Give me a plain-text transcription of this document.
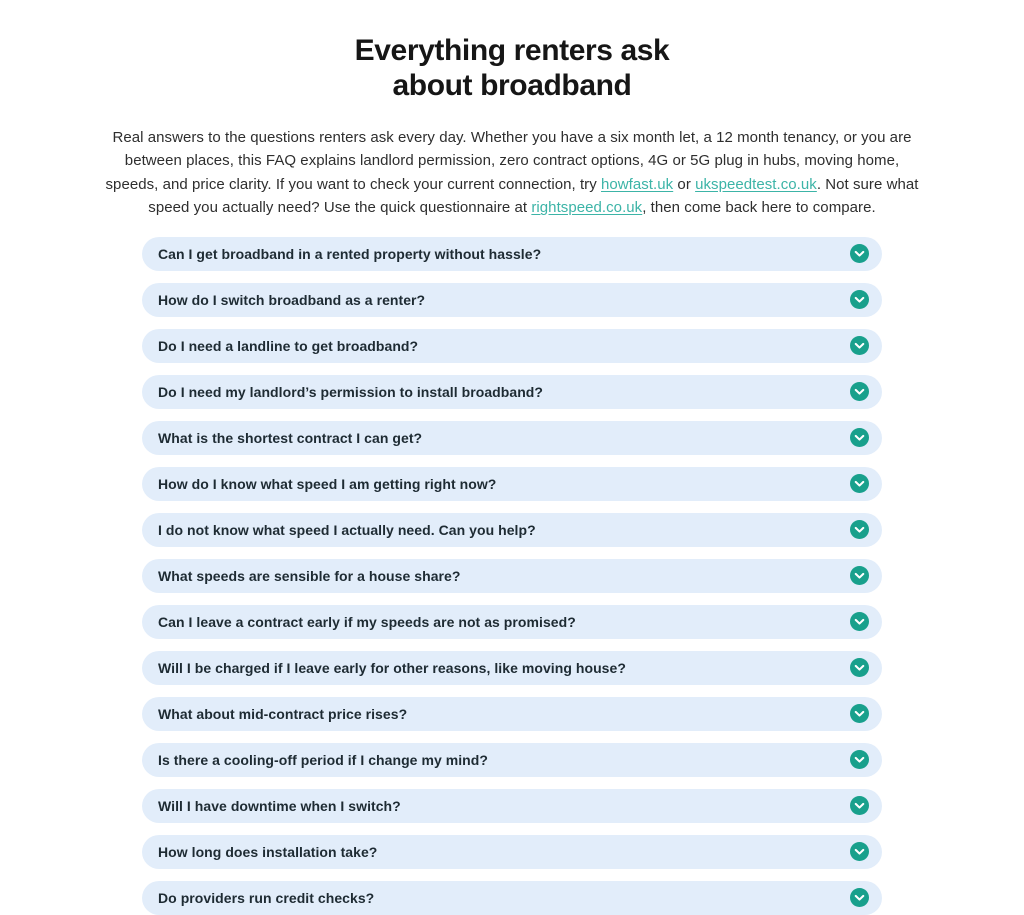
Everything renters ask
about broadband

Real answers to the questions renters ask every day. Whether you have a six month let, a 12 month tenancy, or you are between places, this FAQ explains landlord permission, zero contract options, 4G or 5G plug in hubs, moving home, speeds, and price clarity. If you want to check your current connection, try howfast.uk or ukspeedtest.co.uk. Not sure what speed you actually need? Use the quick questionnaire at rightspeed.co.uk, then come back here to compare.

Can I get broadband in a rented property without hassle?
How do I switch broadband as a renter?
Do I need a landline to get broadband?
Do I need my landlord’s permission to install broadband?
What is the shortest contract I can get?
How do I know what speed I am getting right now?
I do not know what speed I actually need. Can you help?
What speeds are sensible for a house share?
Can I leave a contract early if my speeds are not as promised?
Will I be charged if I leave early for other reasons, like moving house?
What about mid-contract price rises?
Is there a cooling-off period if I change my mind?
Will I have downtime when I switch?
How long does installation take?
Do providers run credit checks?
